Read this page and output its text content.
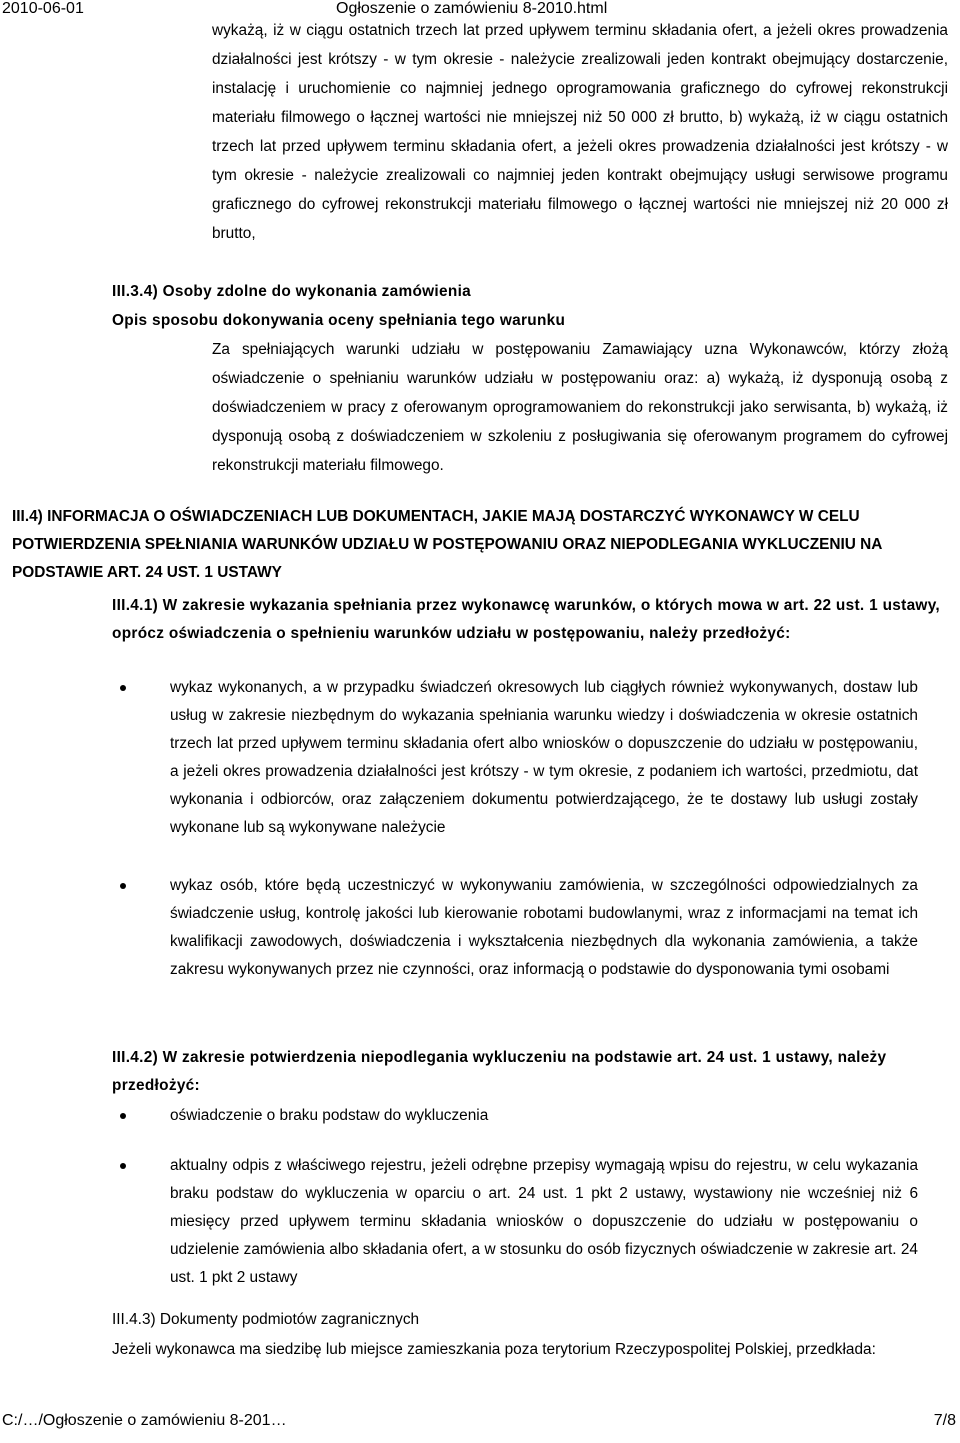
2010-06-01	Ogłoszenie o zamówieniu 8-2010.html

wykażą, iż w ciągu ostatnich trzech lat przed upływem terminu składania ofert, a jeżeli okres prowadzenia działalności jest krótszy - w tym okresie - należycie zrealizowali jeden kontrakt obejmujący dostarczenie, instalację i uruchomienie co najmniej jednego oprogramowania graficznego do cyfrowej rekonstrukcji materiału filmowego o łącznej wartości nie mniejszej niż 50 000 zł brutto, b) wykażą, iż w ciągu ostatnich trzech lat przed upływem terminu składania ofert, a jeżeli okres prowadzenia działalności jest krótszy - w tym okresie - należycie zrealizowali co najmniej jeden kontrakt obejmujący usługi serwisowe programu graficznego do cyfrowej rekonstrukcji materiału filmowego o łącznej wartości nie mniejszej niż 20 000 zł brutto,

III.3.4) Osoby zdolne do wykonania zamówienia

Opis sposobu dokonywania oceny spełniania tego warunku

Za spełniających warunki udziału w postępowaniu Zamawiający uzna Wykonawców, którzy złożą oświadczenie o spełnianiu warunków udziału w postępowaniu oraz: a) wykażą, iż dysponują osobą z doświadczeniem w pracy z oferowanym oprogramowaniem do rekonstrukcji jako serwisanta, b) wykażą, iż dysponują osobą z doświadczeniem w szkoleniu z posługiwania się oferowanym programem do cyfrowej rekonstrukcji materiału filmowego.

III.4) INFORMACJA O OŚWIADCZENIACH LUB DOKUMENTACH, JAKIE MAJĄ DOSTARCZYĆ WYKONAWCY W CELU POTWIERDZENIA SPEŁNIANIA WARUNKÓW UDZIAŁU W POSTĘPOWANIU ORAZ NIEPODLEGANIA WYKLUCZENIU NA PODSTAWIE ART. 24 UST. 1 USTAWY

III.4.1) W zakresie wykazania spełniania przez wykonawcę warunków, o których mowa w art. 22 ust. 1 ustawy, oprócz oświadczenia o spełnieniu warunków udziału w postępowaniu, należy przedłożyć:

wykaz wykonanych, a w przypadku świadczeń okresowych lub ciągłych również wykonywanych, dostaw lub usług w zakresie niezbędnym do wykazania spełniania warunku wiedzy i doświadczenia w okresie ostatnich trzech lat przed upływem terminu składania ofert albo wniosków o dopuszczenie do udziału w postępowaniu, a jeżeli okres prowadzenia działalności jest krótszy - w tym okresie, z podaniem ich wartości, przedmiotu, dat wykonania i odbiorców, oraz załączeniem dokumentu potwierdzającego, że te dostawy lub usługi zostały wykonane lub są wykonywane należycie
wykaz osób, które będą uczestniczyć w wykonywaniu zamówienia, w szczególności odpowiedzialnych za świadczenie usług, kontrolę jakości lub kierowanie robotami budowlanymi, wraz z informacjami na temat ich kwalifikacji zawodowych, doświadczenia i wykształcenia niezbędnych dla wykonania zamówienia, a także zakresu wykonywanych przez nie czynności, oraz informacją o podstawie do dysponowania tymi osobami

III.4.2) W zakresie potwierdzenia niepodlegania wykluczeniu na podstawie art. 24 ust. 1 ustawy, należy przedłożyć:

oświadczenie o braku podstaw do wykluczenia
aktualny odpis z właściwego rejestru, jeżeli odrębne przepisy wymagają wpisu do rejestru, w celu wykazania braku podstaw do wykluczenia w oparciu o art. 24 ust. 1 pkt 2 ustawy, wystawiony nie wcześniej niż 6 miesięcy przed upływem terminu składania wniosków o dopuszczenie do udziału w postępowaniu o udzielenie zamówienia albo składania ofert, a w stosunku do osób fizycznych oświadczenie w zakresie art. 24 ust. 1 pkt 2 ustawy

III.4.3) Dokumenty podmiotów zagranicznych

Jeżeli wykonawca ma siedzibę lub miejsce zamieszkania poza terytorium Rzeczypospolitej Polskiej, przedkłada:

C:/…/Ogłoszenie o zamówieniu 8-201…	7/8
